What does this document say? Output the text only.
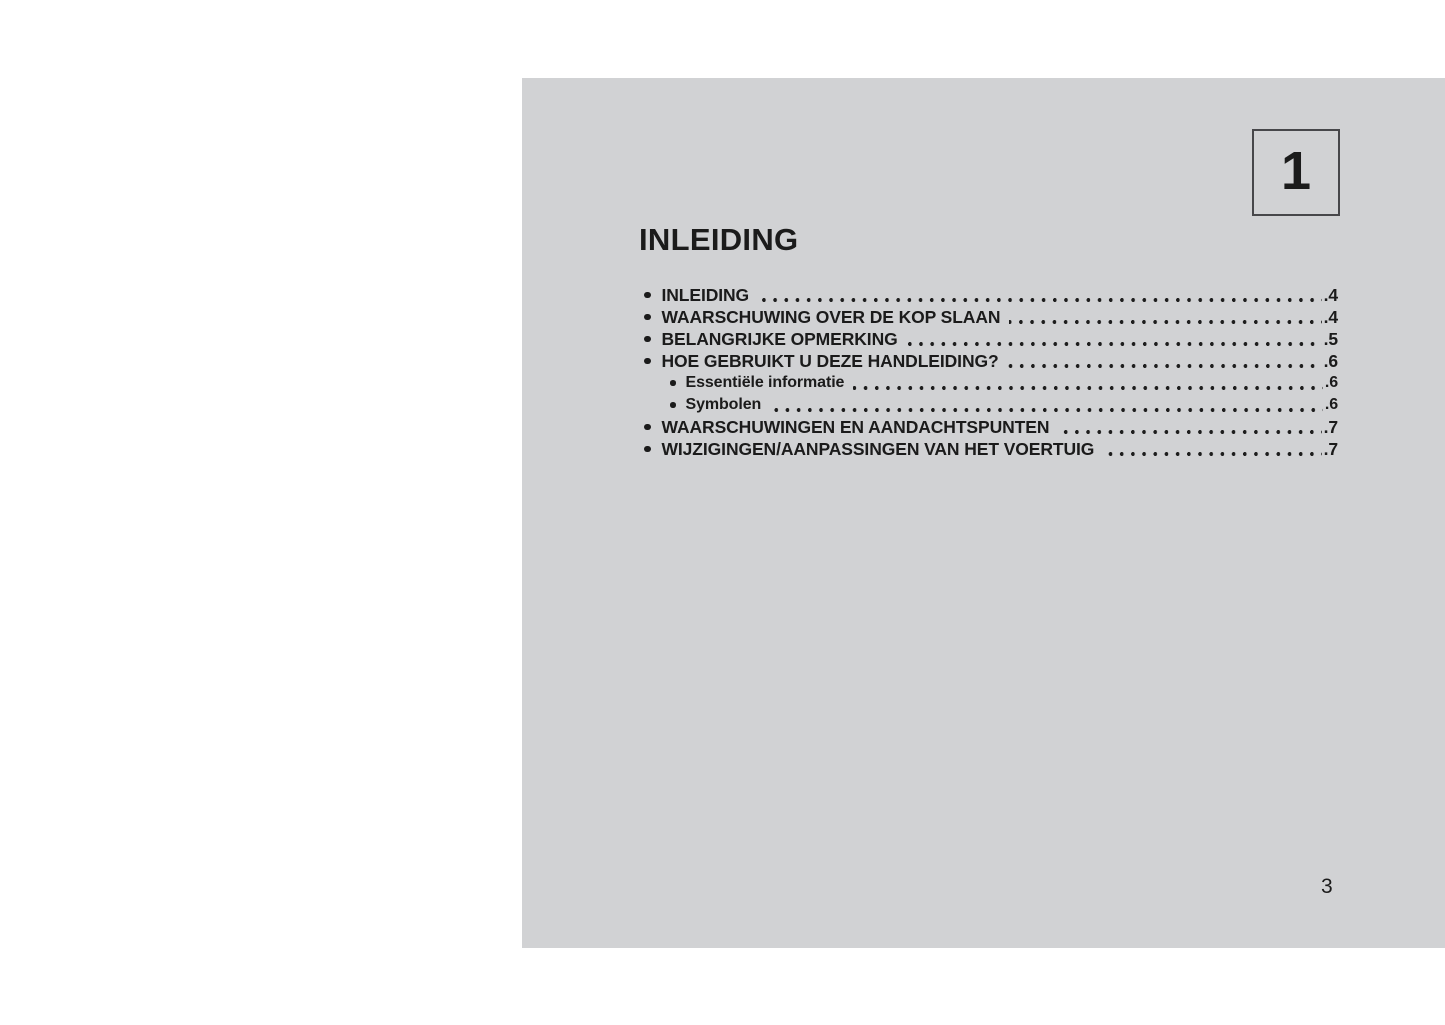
1
INLEIDING
INLEIDING	.4
WAARSCHUWING OVER DE KOP SLAAN	.4
BELANGRIJKE OPMERKING	.5
HOE GEBRUIKT U DEZE HANDLEIDING?	.6
Essentiële informatie	.6
Symbolen	.6
WAARSCHUWINGEN EN AANDACHTSPUNTEN	.7
WIJZIGINGEN/AANPASSINGEN VAN HET VOERTUIG	.7
3
